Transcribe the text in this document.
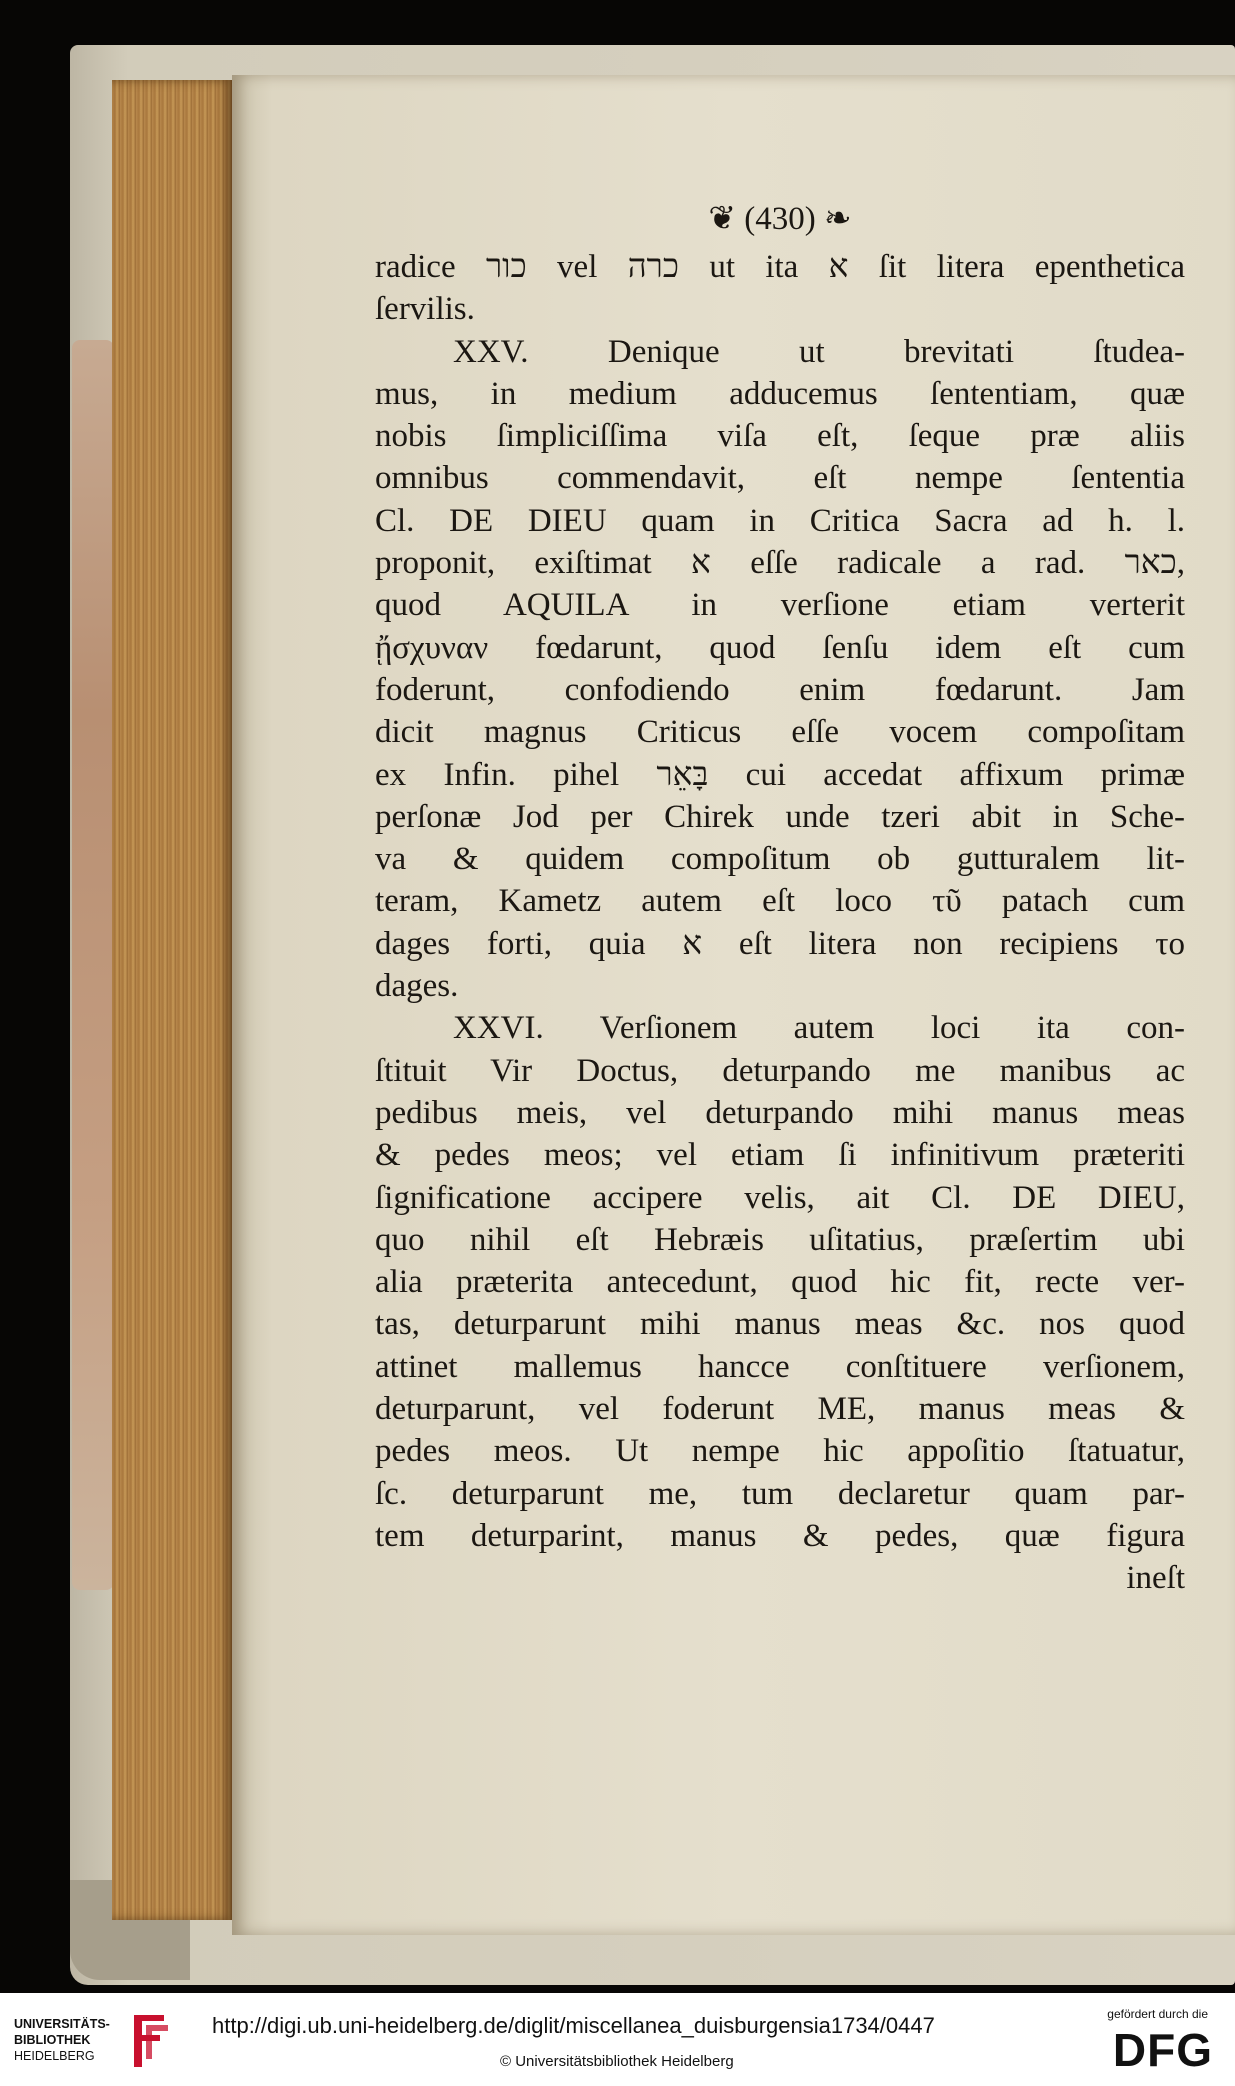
❦ (430) ❧
radice כור vel כרה ut ita א ſit litera epenthetica
ſervilis.
XXV. Denique ut brevitati ſtudea-
mus, in medium adducemus ſententiam, quæ
nobis ſimpliciſſima viſa eſt, ſeque præ aliis
omnibus commendavit, eſt nempe ſententia
Cl. DE DIEU quam in Critica Sacra ad h. l.
proponit, exiſtimat א eſſe radicale a rad. כאר,
quod AQUILA in verſione etiam verterit
ᾔσχυναν fœdarunt, quod ſenſu idem eſt cum
foderunt, confodiendo enim fœdarunt. Jam
dicit magnus Criticus eſſe vocem compoſitam
ex Infin. pihel בָּאֵר cui accedat affixum primæ
perſonæ Jod per Chirek unde tzeri abit in Sche-
va & quidem compoſitum ob gutturalem lit-
teram, Kametz autem eſt loco τῦ patach cum
dages forti, quia א eſt litera non recipiens το
dages.
XXVI. Verſionem autem loci ita con-
ſtituit Vir Doctus, deturpando me manibus ac
pedibus meis, vel deturpando mihi manus meas
& pedes meos; vel etiam ſi infinitivum præteriti
ſignificatione accipere velis, ait Cl. DE DIEU,
quo nihil eſt Hebræis uſitatius, præſertim ubi
alia præterita antecedunt, quod hic fit, recte ver-
tas, deturparunt mihi manus meas &c. nos quod
attinet mallemus hancce conſtituere verſionem,
deturparunt, vel foderunt ME, manus meas &
pedes meos. Ut nempe hic appoſitio ſtatuatur,
ſc. deturparunt me, tum declaretur quam par-
tem deturparint, manus & pedes, quæ figura
ineſt
UNIVERSITÄTS-
BIBLIOTHEK
HEIDELBERG
http://digi.ub.uni-heidelberg.de/diglit/miscellanea_duisburgensia1734/0447
© Universitätsbibliothek Heidelberg
gefördert durch die
DFG
